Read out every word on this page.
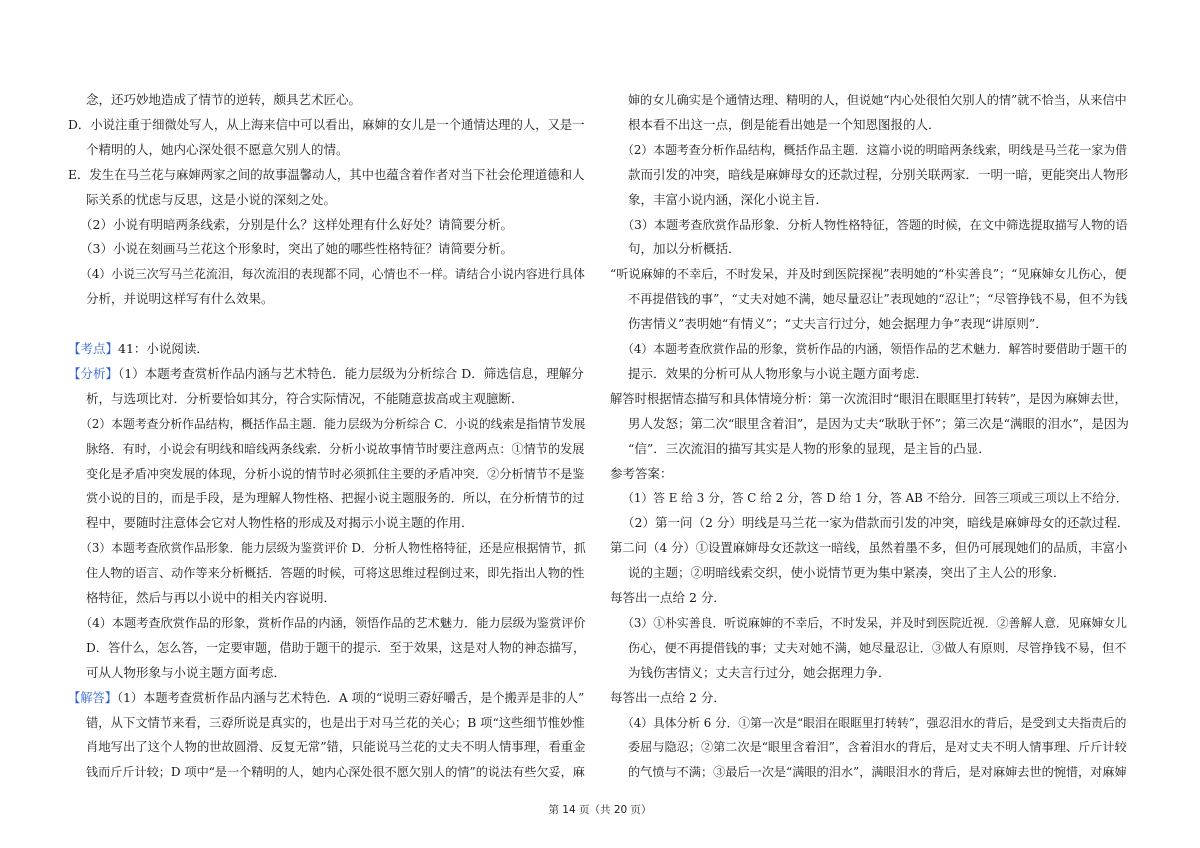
念，还巧妙地造成了情节的逆转，颇具艺术匠心。
D．小说注重于细微处写人，从上海来信中可以看出，麻婶的女儿是一个通情达理的人，又是一
个精明的人，她内心深处很不愿意欠别人的情。
E．发生在马兰花与麻婶两家之间的故事温馨动人，其中也蕴含着作者对当下社会伦理道德和人
际关系的忧虑与反思，这是小说的深刻之处。
（2）小说有明暗两条线索，分别是什么？这样处理有什么好处？请简要分析。
（3）小说在刻画马兰花这个形象时，突出了她的哪些性格特征？请简要分析。
（4）小说三次写马兰花流泪，每次流泪的表现都不同，心情也不一样。请结合小说内容进行具体
分析，并说明这样写有什么效果。
【考点】41：小说阅读．
【分析】（1）本题考查赏析作品内涵与艺术特色．能力层级为分析综合 D．筛选信息，理解分
析，与选项比对．分析要恰如其分，符合实际情况，不能随意拔高或主观臆断．
（2）本题考查分析作品结构，概括作品主题．能力层级为分析综合 C．小说的线索是指情节发展
脉络．有时，小说会有明线和暗线两条线索．分析小说故事情节时要注意两点：①情节的发展
变化是矛盾冲突发展的体现，分析小说的情节时必须抓住主要的矛盾冲突．②分析情节不是鉴
赏小说的目的，而是手段，是为理解人物性格、把握小说主题服务的．所以，在分析情节的过
程中，要随时注意体会它对人物性格的形成及对揭示小说主题的作用．
（3）本题考查欣赏作品形象．能力层级为鉴赏评价 D．分析人物性格特征，还是应根据情节，抓
住人物的语言、动作等来分析概括．答题的时候，可将这思维过程倒过来，即先指出人物的性
格特征，然后与再以小说中的相关内容说明．
（4）本题考查欣赏作品的形象，赏析作品的内涵，领悟作品的艺术魅力．能力层级为鉴赏评价
D．答什么，怎么答，一定要审题，借助于题干的提示．至于效果，这是对人物的神态描写，
可从人物形象与小说主题方面考虑．
【解答】（1）本题考查赏析作品内涵与艺术特色．A 项的“说明三孬好嚼舌，是个搬弄是非的人”
错，从下文情节来看，三孬所说是真实的，也是出于对马兰花的关心；B 项“这些细节惟妙惟
肖地写出了这个人物的世故圆滑、反复无常”错，只能说马兰花的丈夫不明人情事理，看重金
钱而斤斤计较；D 项中“是一个精明的人，她内心深处很不愿欠别人的情”的说法有些欠妥，麻
婶的女儿确实是个通情达理、精明的人，但说她“内心处很怕欠别人的情”就不恰当，从来信中
根本看不出这一点，倒是能看出她是一个知恩图报的人．
（2）本题考查分析作品结构，概括作品主题．这篇小说的明暗两条线索，明线是马兰花一家为借
款而引发的冲突，暗线是麻婶母女的还款过程，分别关联两家．一明一暗，更能突出人物形
象，丰富小说内涵，深化小说主旨．
（3）本题考查欣赏作品形象．分析人物性格特征，答题的时候，在文中筛选提取描写人物的语
句，加以分析概括．
“听说麻婶的不幸后，不时发呆，并及时到医院探视”表明她的“朴实善良”；“见麻婶女儿伤心，便
不再提借钱的事”，“丈夫对她不满，她尽量忍让”表现她的“忍让”；“尽管挣钱不易，但不为钱
伤害情义”表明她“有情义”；“丈夫言行过分，她会据理力争”表现“讲原则”．
（4）本题考查欣赏作品的形象，赏析作品的内涵，领悟作品的艺术魅力．解答时要借助于题干的
提示．效果的分析可从人物形象与小说主题方面考虑．
解答时根据情态描写和具体情境分析：第一次流泪时“眼泪在眼眶里打转转”，是因为麻婶去世，
男人发怒；第二次“眼里含着泪”，是因为丈夫“耿耿于怀”；第三次是“满眼的泪水”，是因为
“信”．三次流泪的描写其实是人物的形象的显现，是主旨的凸显．
参考答案：
（1）答 E 给 3 分，答 C 给 2 分，答 D 给 1 分，答 AB 不给分．回答三项或三项以上不给分．
（2）第一问（2 分）明线是马兰花一家为借款而引发的冲突，暗线是麻婶母女的还款过程．
第二问（4 分）①设置麻婶母女还款这一暗线，虽然着墨不多，但仍可展现她们的品质，丰富小
说的主题；②明暗线索交织，使小说情节更为集中紧凑，突出了主人公的形象．
每答出一点给 2 分．
（3）①朴实善良．听说麻婶的不幸后，不时发呆，并及时到医院近视．②善解人意．见麻婶女儿
伤心，便不再提借钱的事；丈夫对她不满，她尽量忍让．③做人有原则．尽管挣钱不易，但不
为钱伤害情义；丈夫言行过分，她会据理力争．
每答出一点给 2 分．
（4）具体分析 6 分．①第一次是“眼泪在眼眶里打转转”，强忍泪水的背后，是受到丈夫指责后的
委屈与隐忍；②第二次是“眼里含着泪”，含着泪水的背后，是对丈夫不明人情事理、斤斤计较
的气愤与不满；③最后一次是“满眼的泪水”，满眼泪水的背后，是对麻婶去世的惋惜，对麻婶
第 14 页（共 20 页）
